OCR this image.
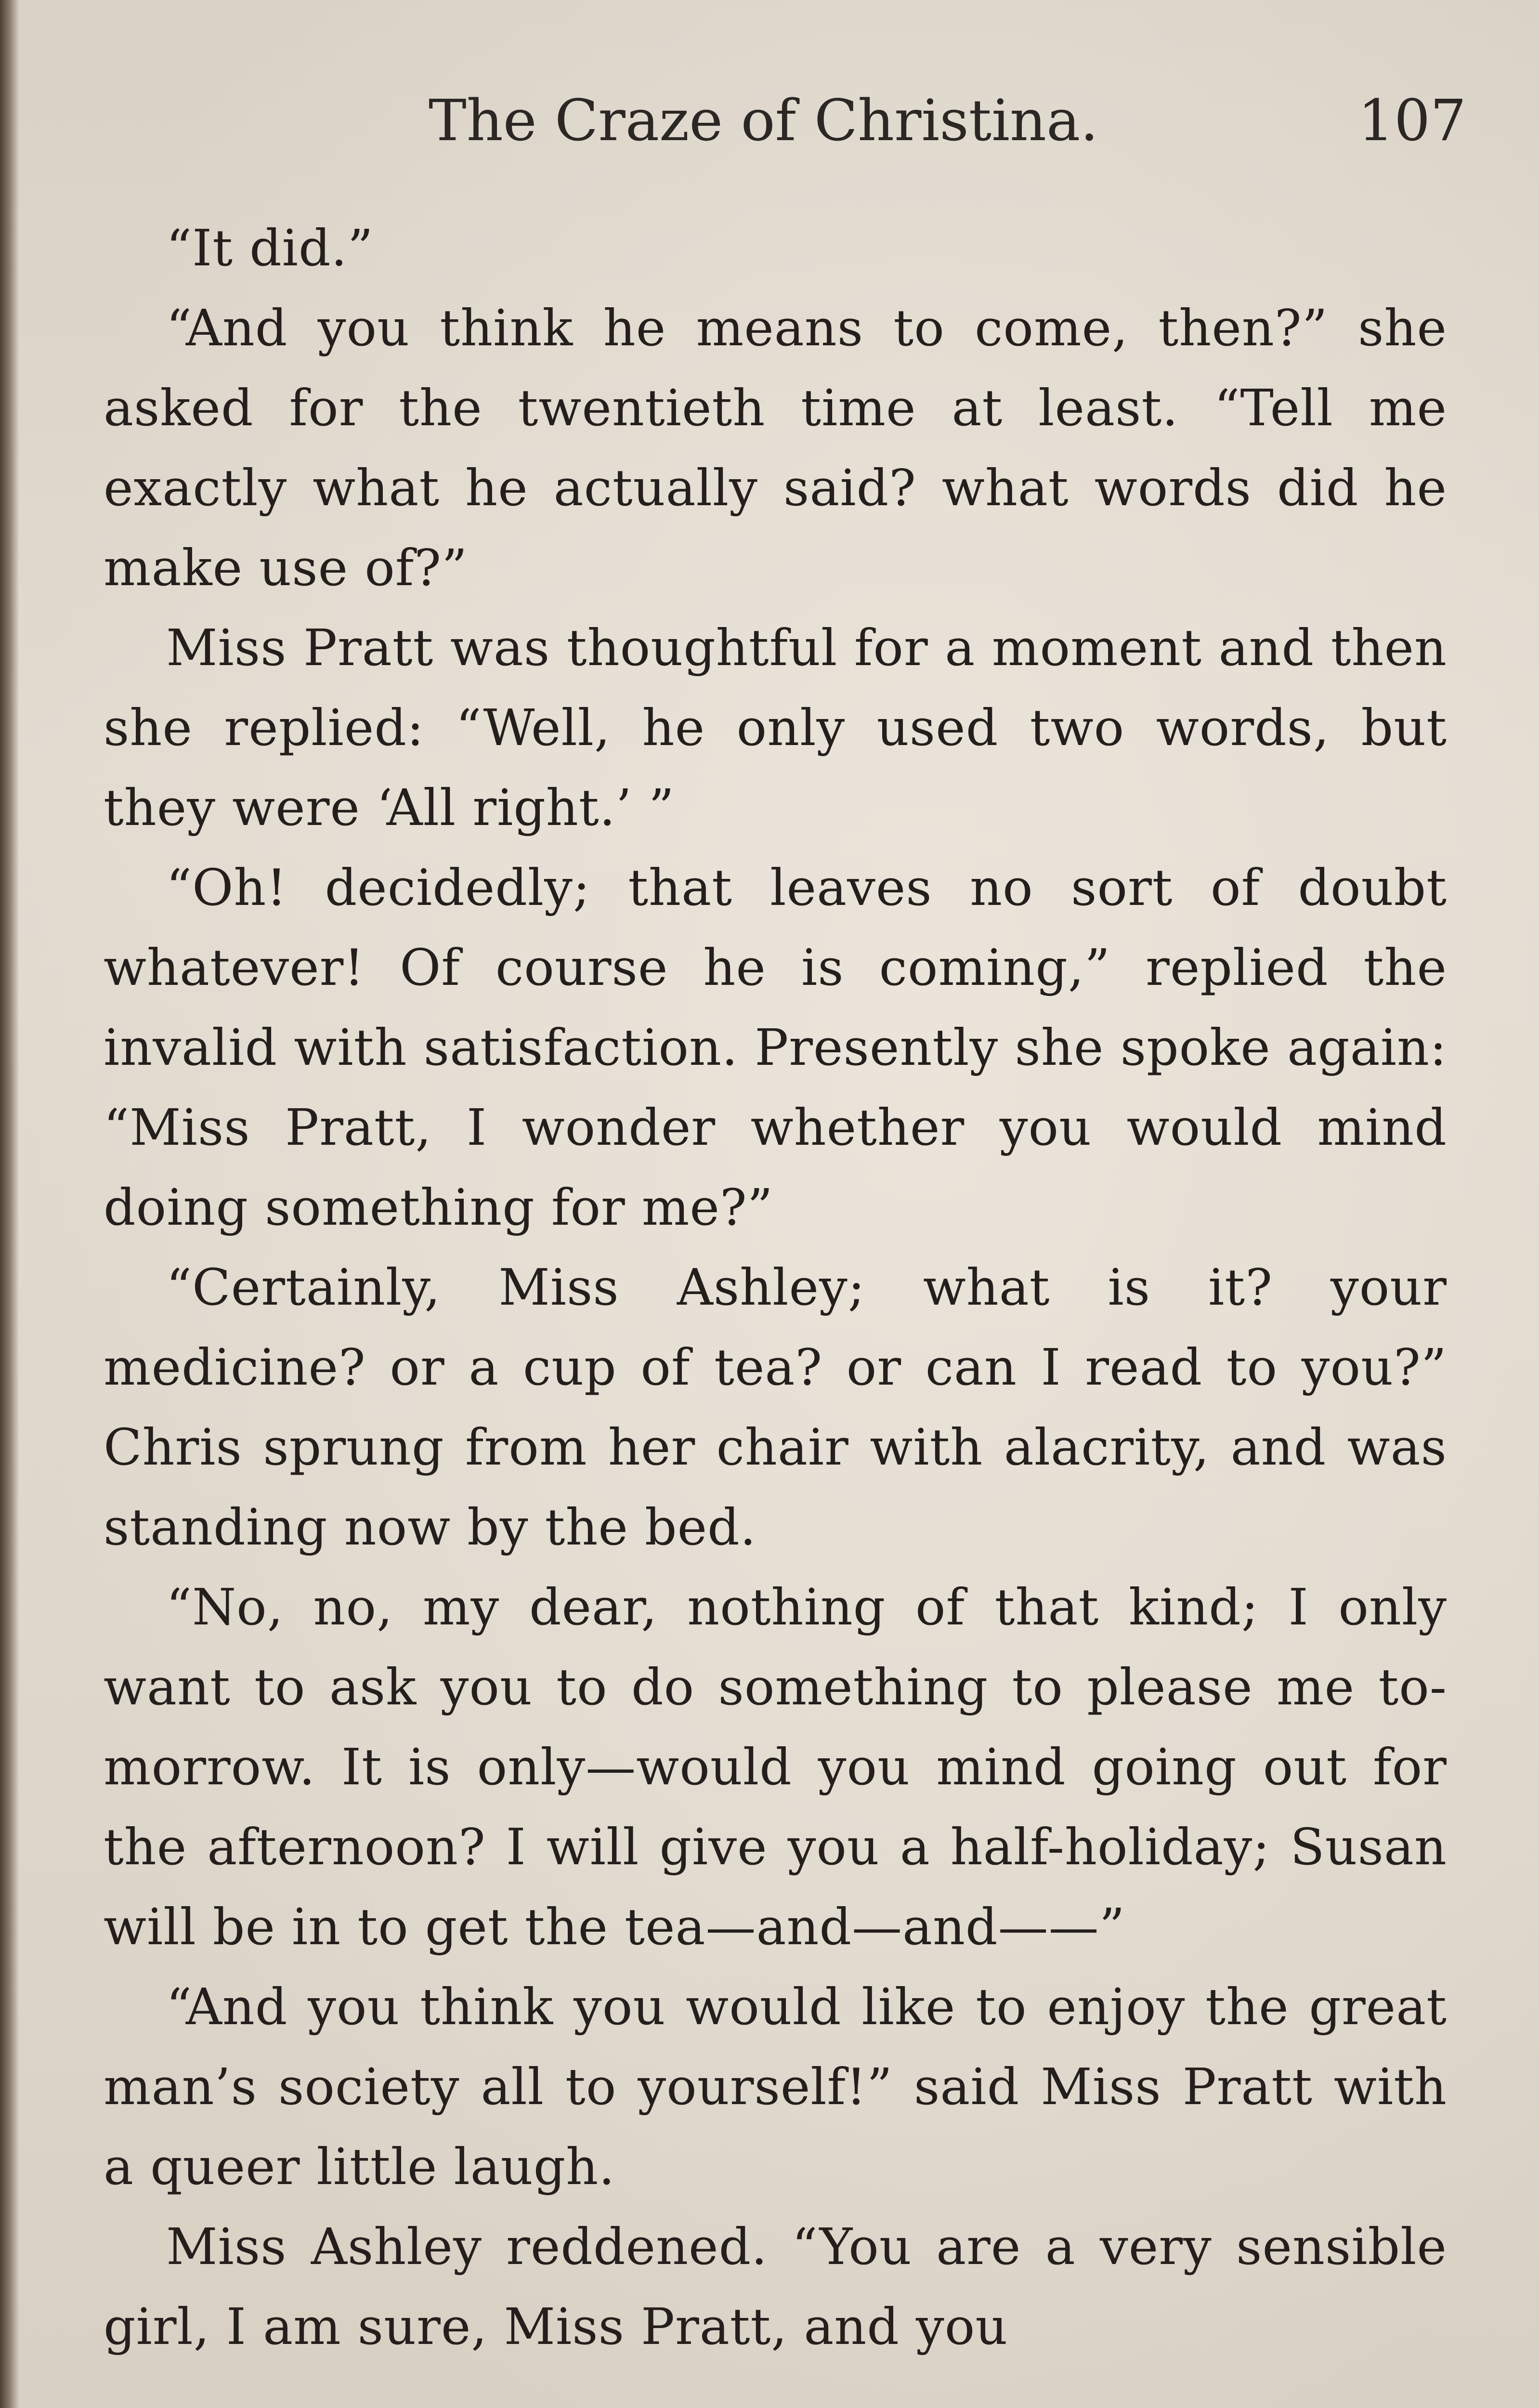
The Craze of Christina.	107

“It did.”

“And you think he means to come, then?” she asked for the twentieth time at least. “Tell me exactly what he actually said? what words did he make use of?”

Miss Pratt was thoughtful for a moment and then she replied: “Well, he only used two words, but they were ‘All right.’ ”

“Oh! decidedly; that leaves no sort of doubt whatever! Of course he is coming,” replied the invalid with satisfaction. Presently she spoke again: “Miss Pratt, I wonder whether you would mind doing something for me?”

“Certainly, Miss Ashley; what is it? your medicine? or a cup of tea? or can I read to you?” Chris sprung from her chair with alacrity, and was standing now by the bed.

“No, no, my dear, nothing of that kind; I only want to ask you to do something to please me to-morrow. It is only—would you mind going out for the afternoon? I will give you a half-holiday; Susan will be in to get the tea—and—and——”

“And you think you would like to enjoy the great man’s society all to yourself!” said Miss Pratt with a queer little laugh.

Miss Ashley reddened. “You are a very sensible girl, I am sure, Miss Pratt, and you
